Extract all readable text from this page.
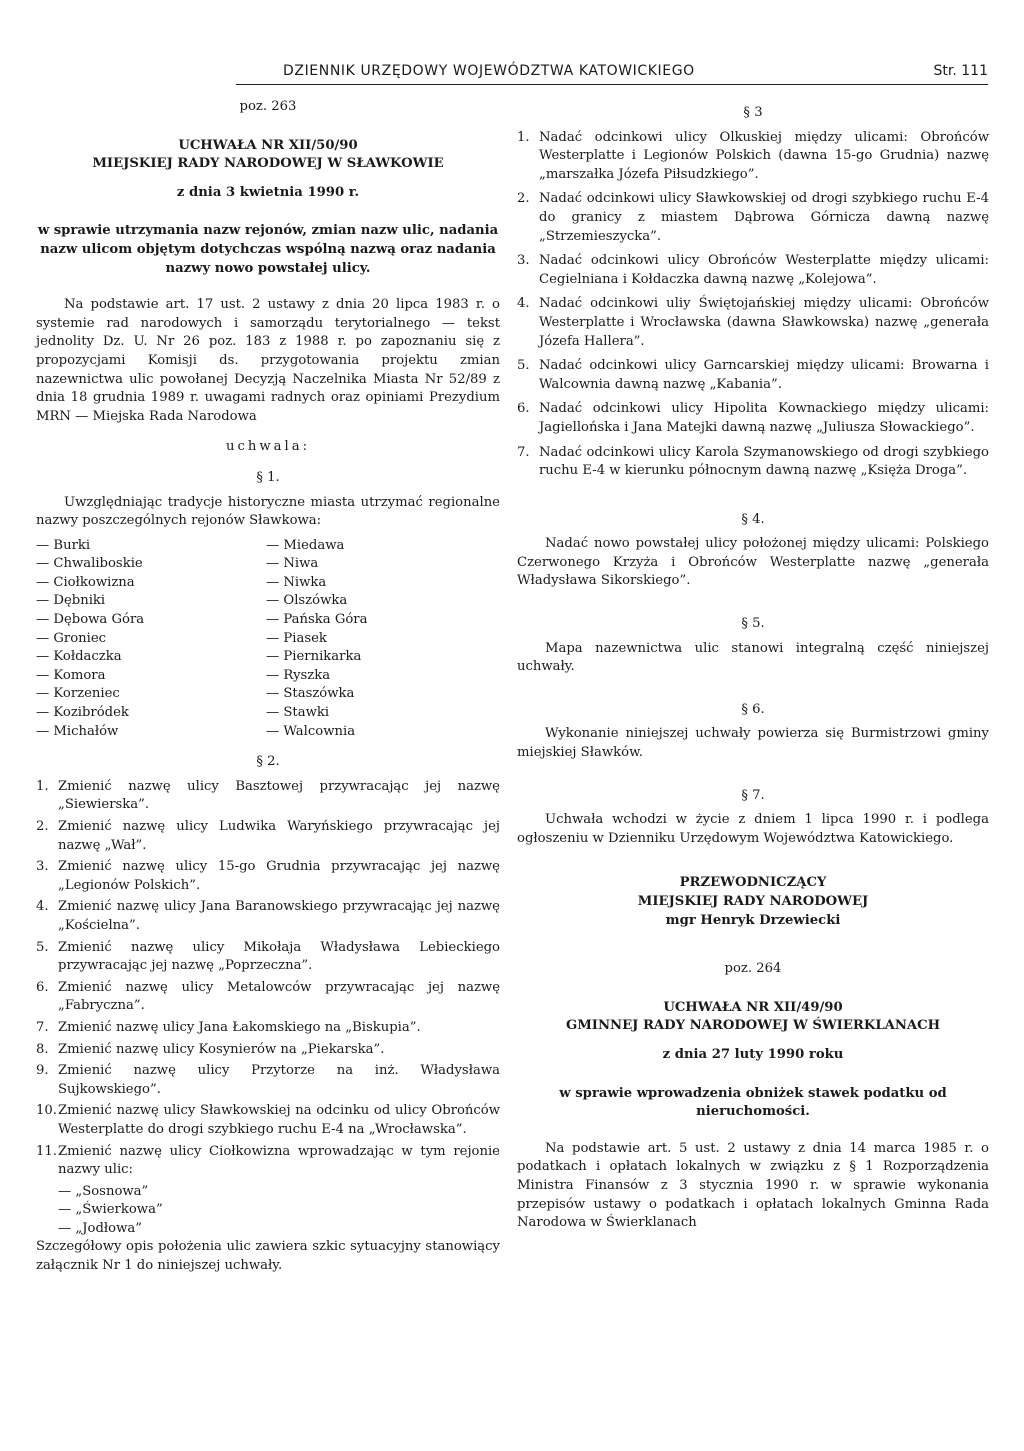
DZIENNIK URZĘDOWY WOJEWÓDZTWA KATOWICKIEGO	Str. 111

poz. 263

UCHWAŁA NR XII/50/90

MIEJSKIEJ RADY NARODOWEJ W SŁAWKOWIE

z dnia 3 kwietnia 1990 r.

w sprawie utrzymania nazw rejonów, zmian nazw ulic, nadania nazw ulicom objętym dotychczas wspólną nazwą oraz nadania nazwy nowo powstałej ulicy.

Na podstawie art. 17 ust. 2 ustawy z dnia 20 lipca 1983 r. o systemie rad narodowych i samorządu terytorialnego — tekst jednolity Dz. U. Nr 26 poz. 183 z 1988 r. po zapoznaniu się z propozycjami Komisji ds. przygotowania projektu zmian nazewnictwa ulic powołanej Decyzją Naczelnika Miasta Nr 52/89 z dnia 18 grudnia 1989 r. uwagami radnych oraz opiniami Prezydium MRN — Miejska Rada Narodowa

uchwala:

§ 1.

Uwzględniając tradycje historyczne miasta utrzymać regionalne nazwy poszczególnych rejonów Sławkowa:

— Burki
— Chwaliboskie
— Ciołkowizna
— Dębniki
— Dębowa Góra
— Groniec
— Kołdaczka
— Komora
— Korzeniec
— Kozibródek
— Michałów
— Miedawa
— Niwa
— Niwka
— Olszówka
— Pańska Góra
— Piasek
— Piernikarka
— Ryszka
— Staszówka
— Stawki
— Walcownia

§ 2.

1. Zmienić nazwę ulicy Basztowej przywracając jej nazwę „Siewierska”.
2. Zmienić nazwę ulicy Ludwika Waryńskiego przywracając jej nazwę „Wał”.
3. Zmienić nazwę ulicy 15-go Grudnia przywracając jej nazwę „Legionów Polskich”.
4. Zmienić nazwę ulicy Jana Baranowskiego przywracając jej nazwę „Kościelna”.
5. Zmienić nazwę ulicy Mikołaja Władysława Lebieckiego przywracając jej nazwę „Poprzeczna”.
6. Zmienić nazwę ulicy Metalowców przywracając jej nazwę „Fabryczna”.
7. Zmienić nazwę ulicy Jana Łakomskiego na „Biskupia”.
8. Zmienić nazwę ulicy Kosynierów na „Piekarska”.
9. Zmienić nazwę ulicy Przytorze na inż. Władysława Sujkowskiego”.
10. Zmienić nazwę ulicy Sławkowskiej na odcinku od ulicy Obrońców Westerplatte do drogi szybkiego ruchu E-4 na „Wrocławska”.
11. Zmienić nazwę ulicy Ciołkowizna wprowadzając w tym rejonie nazwy ulic:
— „Sosnowa”
— „Świerkowa”
— „Jodłowa”

Szczegółowy opis położenia ulic zawiera szkic sytuacyjny stanowiący załącznik Nr 1 do niniejszej uchwały.

§ 3

1. Nadać odcinkowi ulicy Olkuskiej między ulicami: Obrońców Westerplatte i Legionów Polskich (dawna 15-go Grudnia) nazwę „marszałka Józefa Piłsudzkiego”.
2. Nadać odcinkowi ulicy Sławkowskiej od drogi szybkiego ruchu E-4 do granicy z miastem Dąbrowa Górnicza dawną nazwę „Strzemieszycka”.
3. Nadać odcinkowi ulicy Obrońców Westerplatte między ulicami: Cegielniana i Kołdaczka dawną nazwę „Kolejowa”.
4. Nadać odcinkowi uliy Świętojańskiej między ulicami: Obrońców Westerplatte i Wrocławska (dawna Sławkowska) nazwę „generała Józefa Hallera”.
5. Nadać odcinkowi ulicy Garncarskiej między ulicami: Browarna i Walcownia dawną nazwę „Kabania”.
6. Nadać odcinkowi ulicy Hipolita Kownackiego między ulicami: Jagiellońska i Jana Matejki dawną nazwę „Juliusza Słowackiego”.
7. Nadać odcinkowi ulicy Karola Szymanowskiego od drogi szybkiego ruchu E-4 w kierunku północnym dawną nazwę „Księża Droga”.

§ 4.

Nadać nowo powstałej ulicy położonej między ulicami: Polskiego Czerwonego Krzyża i Obrońców Westerplatte nazwę „generała Władysława Sikorskiego”.

§ 5.

Mapa nazewnictwa ulic stanowi integralną część niniejszej uchwały.

§ 6.

Wykonanie niniejszej uchwały powierza się Burmistrzowi gminy miejskiej Sławków.

§ 7.

Uchwała wchodzi w życie z dniem 1 lipca 1990 r. i podlega ogłoszeniu w Dzienniku Urzędowym Województwa Katowickiego.

PRZEWODNICZĄCY

MIEJSKIEJ RADY NARODOWEJ

mgr Henryk Drzewiecki

poz. 264

UCHWAŁA NR XII/49/90

GMINNEJ RADY NARODOWEJ W ŚWIERKLANACH

z dnia 27 luty 1990 roku

w sprawie wprowadzenia obniżek stawek podatku od nieruchomości.

Na podstawie art. 5 ust. 2 ustawy z dnia 14 marca 1985 r. o podatkach i opłatach lokalnych w związku z § 1 Rozporządzenia Ministra Finansów z 3 stycznia 1990 r. w sprawie wykonania przepisów ustawy o podatkach i opłatach lokalnych Gminna Rada Narodowa w Świerklanach
